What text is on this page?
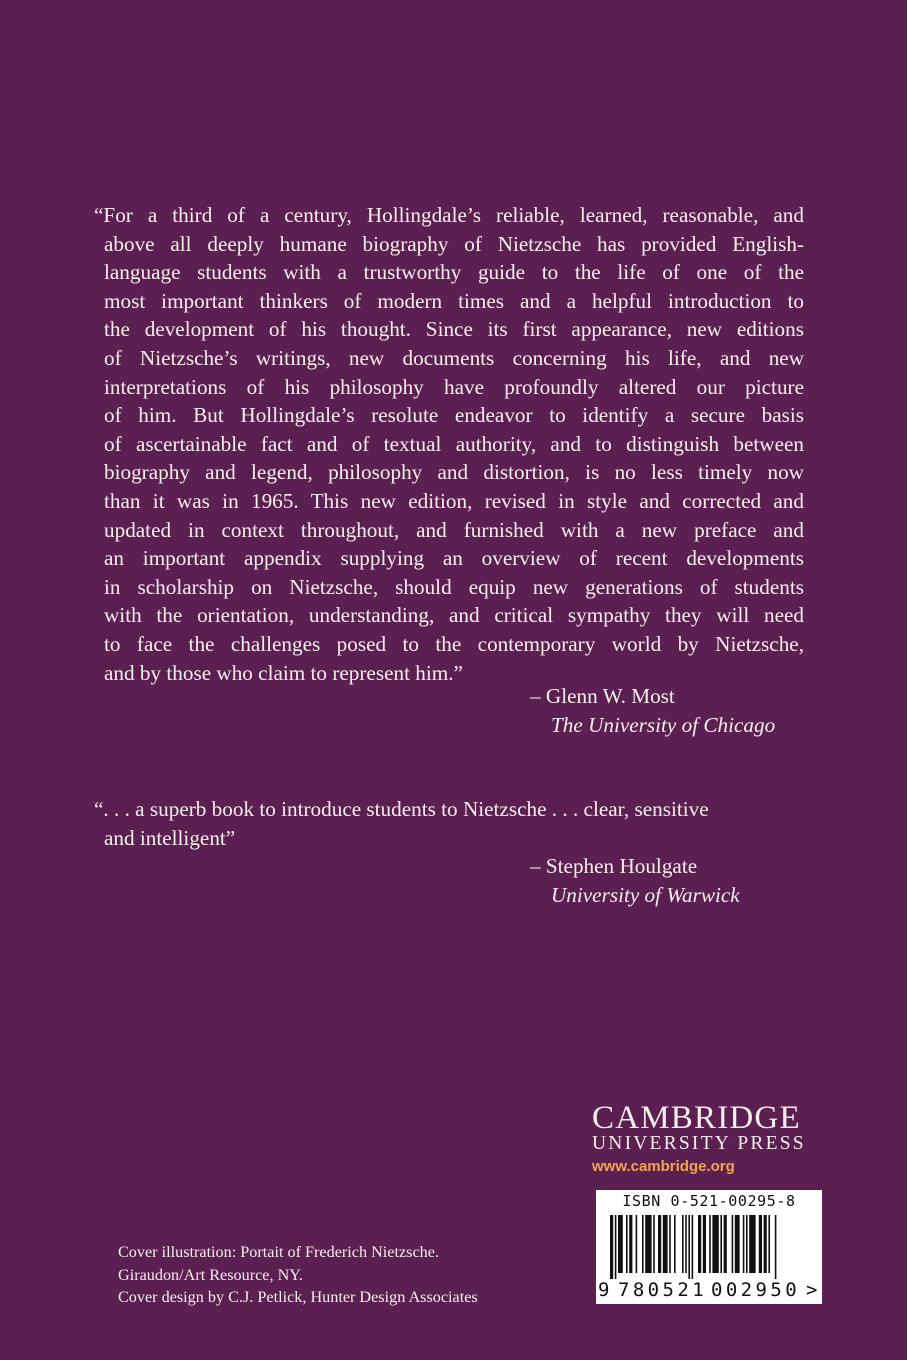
“For a third of a century, Hollingdale’s reliable, learned, reasonable, and
above all deeply humane biography of Nietzsche has provided English-
language students with a trustworthy guide to the life of one of the
most important thinkers of modern times and a helpful introduction to
the development of his thought. Since its first appearance, new editions
of Nietzsche’s writings, new documents concerning his life, and new
interpretations of his philosophy have profoundly altered our picture
of him. But Hollingdale’s resolute endeavor to identify a secure basis
of ascertainable fact and of textual authority, and to distinguish between
biography and legend, philosophy and distortion, is no less timely now
than it was in 1965. This new edition, revised in style and corrected and
updated in context throughout, and furnished with a new preface and
an important appendix supplying an overview of recent developments
in scholarship on Nietzsche, should equip new generations of students
with the orientation, understanding, and critical sympathy they will need
to face the challenges posed to the contemporary world by Nietzsche,
and by those who claim to represent him.”
– Glenn W. Most
The University of Chicago
“. . . a superb book to introduce students to Nietzsche . . . clear, sensitive
and intelligent”
– Stephen Houlgate
University of Warwick
CAMBRIDGE
UNIVERSITY PRESS
www.cambridge.org
ISBN 0-521-00295-8
9 780521 002950 >
Cover illustration: Portait of Frederich Nietzsche.
Giraudon/Art Resource, NY.
Cover design by C.J. Petlick, Hunter Design Associates
